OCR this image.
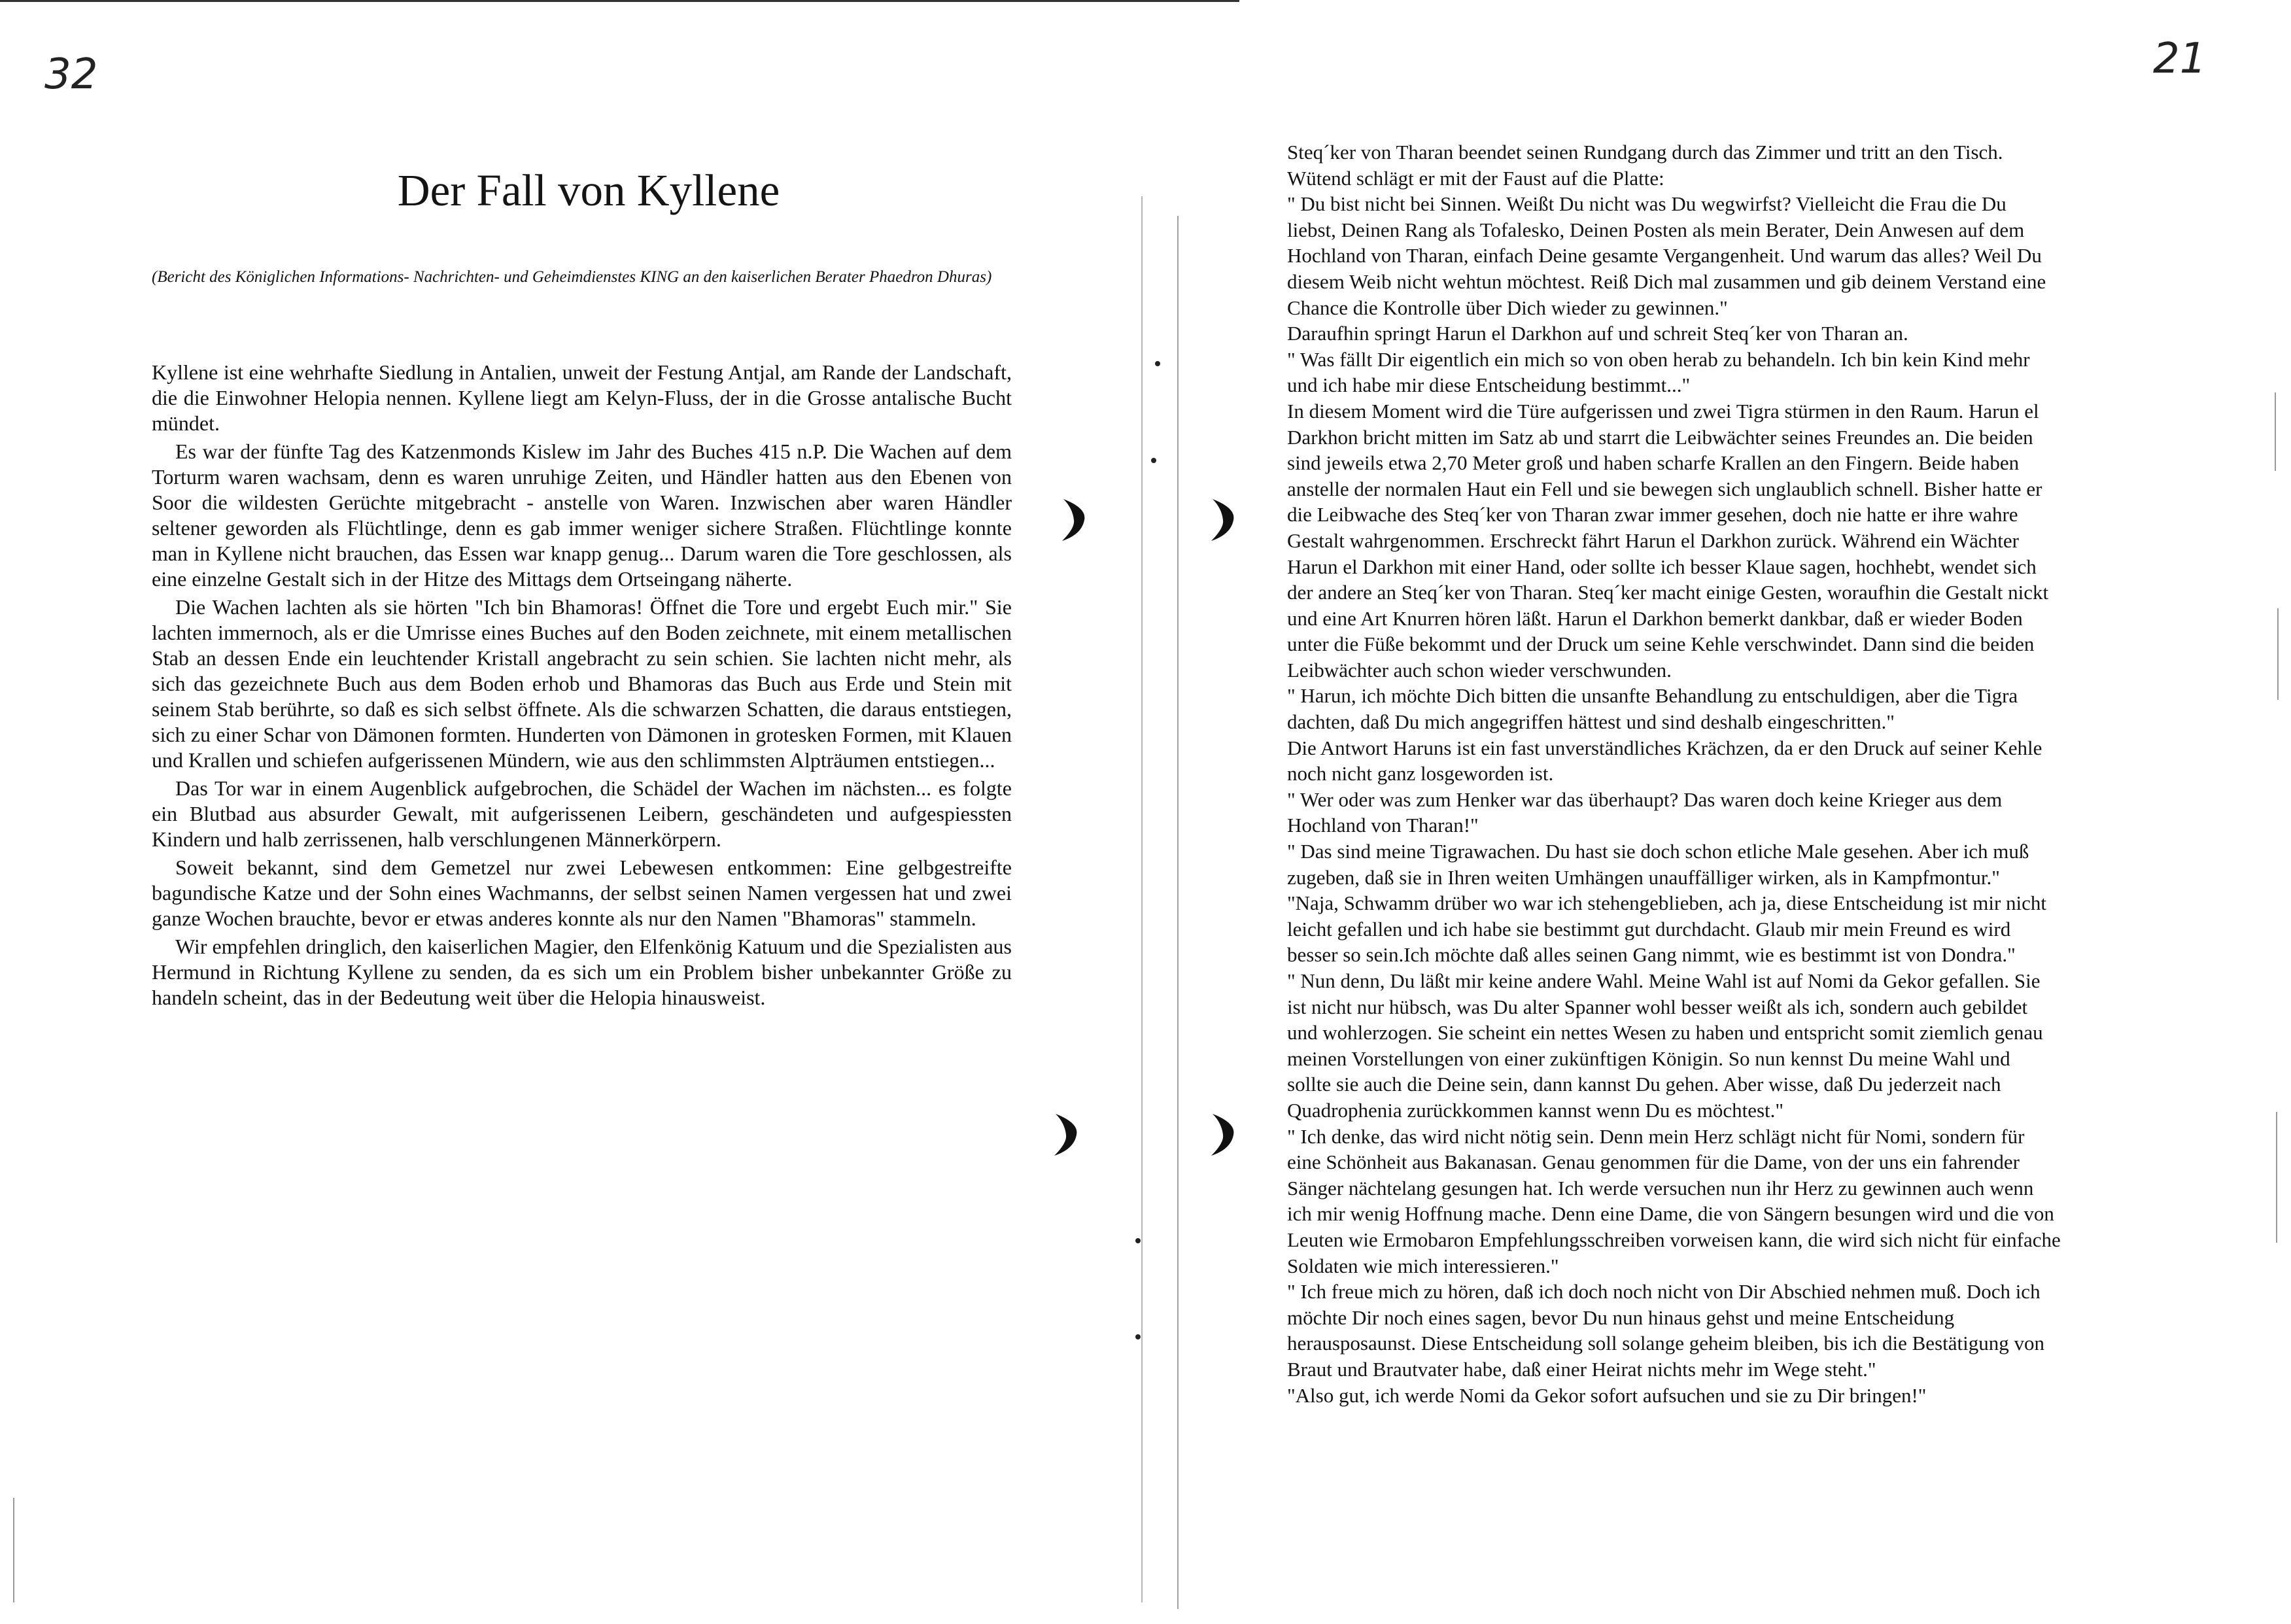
32	21
Der Fall von Kyllene

(Bericht des Königlichen Informations- Nachrichten- und Geheimdienstes KING an den kaiserlichen Berater Phaedron Dhuras)

Kyllene ist eine wehrhafte Siedlung in Antalien, unweit der Festung Antjal, am Rande der Landschaft, die die Einwohner Helopia nennen. Kyllene liegt am Kelyn-Fluss, der in die Grosse antalische Bucht mündet.

Es war der fünfte Tag des Katzenmonds Kislew im Jahr des Buches 415 n.P. Die Wachen auf dem Torturm waren wachsam, denn es waren unruhige Zeiten, und Händler hatten aus den Ebenen von Soor die wildesten Gerüchte mitgebracht - anstelle von Waren. Inzwischen aber waren Händler seltener geworden als Flüchtlinge, denn es gab immer weniger sichere Straßen. Flüchtlinge konnte man in Kyllene nicht brauchen, das Essen war knapp genug... Darum waren die Tore geschlossen, als eine einzelne Gestalt sich in der Hitze des Mittags dem Ortseingang näherte.

Die Wachen lachten als sie hörten "Ich bin Bhamoras! Öffnet die Tore und ergebt Euch mir." Sie lachten immernoch, als er die Umrisse eines Buches auf den Boden zeichnete, mit einem metallischen Stab an dessen Ende ein leuchtender Kristall angebracht zu sein schien. Sie lachten nicht mehr, als sich das gezeichnete Buch aus dem Boden erhob und Bhamoras das Buch aus Erde und Stein mit seinem Stab berührte, so daß es sich selbst öffnete. Als die schwarzen Schatten, die daraus entstiegen, sich zu einer Schar von Dämonen formten. Hunderten von Dämonen in grotesken Formen, mit Klauen und Krallen und schiefen aufgerissenen Mündern, wie aus den schlimmsten Alpträumen entstiegen...

Das Tor war in einem Augenblick aufgebrochen, die Schädel der Wachen im nächsten... es folgte ein Blutbad aus absurder Gewalt, mit aufgerissenen Leibern, geschändeten und aufgespiessten Kindern und halb zerrissenen, halb verschlungenen Männerkörpern.

Soweit bekannt, sind dem Gemetzel nur zwei Lebewesen entkommen: Eine gelbgestreifte bagundische Katze und der Sohn eines Wachmanns, der selbst seinen Namen vergessen hat und zwei ganze Wochen brauchte, bevor er etwas anderes konnte als nur den Namen "Bhamoras" stammeln.

Wir empfehlen dringlich, den kaiserlichen Magier, den Elfenkönig Katuum und die Spezialisten aus Hermund in Richtung Kyllene zu senden, da es sich um ein Problem bisher unbekannter Größe zu handeln scheint, das in der Bedeutung weit über die Helopia hinausweist.

Steq´ker von Tharan beendet seinen Rundgang durch das Zimmer und tritt an den Tisch.
Wütend schlägt er mit der Faust auf die Platte:
" Du bist nicht bei Sinnen. Weißt Du nicht was Du wegwirfst? Vielleicht die Frau die Du
liebst, Deinen Rang als Tofalesko, Deinen Posten als mein Berater, Dein Anwesen auf dem
Hochland von Tharan, einfach Deine gesamte Vergangenheit. Und warum das alles? Weil Du
diesem Weib nicht wehtun möchtest. Reiß Dich mal zusammen und gib deinem Verstand eine
Chance die Kontrolle über Dich wieder zu gewinnen."
Daraufhin springt Harun el Darkhon auf und schreit Steq´ker von Tharan an.
" Was fällt Dir eigentlich ein mich so von oben herab zu behandeln. Ich bin kein Kind mehr
und ich habe mir diese Entscheidung bestimmt..."
In diesem Moment wird die Türe aufgerissen und zwei Tigra stürmen in den Raum. Harun el
Darkhon bricht mitten im Satz ab und starrt die Leibwächter seines Freundes an. Die beiden
sind jeweils etwa 2,70 Meter groß und haben scharfe Krallen an den Fingern. Beide haben
anstelle der normalen Haut ein Fell und sie bewegen sich unglaublich schnell. Bisher hatte er
die Leibwache des Steq´ker von Tharan zwar immer gesehen, doch nie hatte er ihre wahre
Gestalt wahrgenommen. Erschreckt fährt Harun el Darkhon zurück. Während ein Wächter
Harun el Darkhon mit einer Hand, oder sollte ich besser Klaue sagen, hochhebt, wendet sich
der andere an Steq´ker von Tharan. Steq´ker macht einige Gesten, woraufhin die Gestalt nickt
und eine Art Knurren hören läßt. Harun el Darkhon bemerkt dankbar, daß er wieder Boden
unter die Füße bekommt und der Druck um seine Kehle verschwindet. Dann sind die beiden
Leibwächter auch schon wieder verschwunden.
" Harun, ich möchte Dich bitten die unsanfte Behandlung zu entschuldigen, aber die Tigra
dachten, daß Du mich angegriffen hättest und sind deshalb eingeschritten."
Die Antwort Haruns ist ein fast unverständliches Krächzen, da er den Druck auf seiner Kehle
noch nicht ganz losgeworden ist.
" Wer oder was zum Henker war das überhaupt? Das waren doch keine Krieger aus dem
Hochland von Tharan!"
" Das sind meine Tigrawachen. Du hast sie doch schon etliche Male gesehen. Aber ich muß
zugeben, daß sie in Ihren weiten Umhängen unauffälliger wirken, als in Kampfmontur."
"Naja, Schwamm drüber wo war ich stehengeblieben, ach ja, diese Entscheidung ist mir nicht
leicht gefallen und ich habe sie bestimmt gut durchdacht. Glaub mir mein Freund es wird
besser so sein.Ich möchte daß alles seinen Gang nimmt, wie es bestimmt ist von Dondra."
" Nun denn, Du läßt mir keine andere Wahl. Meine Wahl ist auf Nomi da Gekor gefallen. Sie
ist nicht nur hübsch, was Du alter Spanner wohl besser weißt als ich, sondern auch gebildet
und wohlerzogen. Sie scheint ein nettes Wesen zu haben und entspricht somit ziemlich genau
meinen Vorstellungen von einer zukünftigen Königin. So nun kennst Du meine Wahl und
sollte sie auch die Deine sein, dann kannst Du gehen. Aber wisse, daß Du jederzeit nach
Quadrophenia zurückkommen kannst wenn Du es möchtest."
" Ich denke, das wird nicht nötig sein. Denn mein Herz schlägt nicht für Nomi, sondern für
eine Schönheit aus Bakanasan. Genau genommen für die Dame, von der uns ein fahrender
Sänger nächtelang gesungen hat. Ich werde versuchen nun ihr Herz zu gewinnen auch wenn
ich mir wenig Hoffnung mache. Denn eine Dame, die von Sängern besungen wird und die von
Leuten wie Ermobaron Empfehlungsschreiben vorweisen kann, die wird sich nicht für einfache
Soldaten wie mich interessieren."
" Ich freue mich zu hören, daß ich doch noch nicht von Dir Abschied nehmen muß. Doch ich
möchte Dir noch eines sagen, bevor Du nun hinaus gehst und meine Entscheidung
herausposaunst. Diese Entscheidung soll solange geheim bleiben, bis ich die Bestätigung von
Braut und Brautvater habe, daß einer Heirat nichts mehr im Wege steht."
"Also gut, ich werde Nomi da Gekor sofort aufsuchen und sie zu Dir bringen!"
